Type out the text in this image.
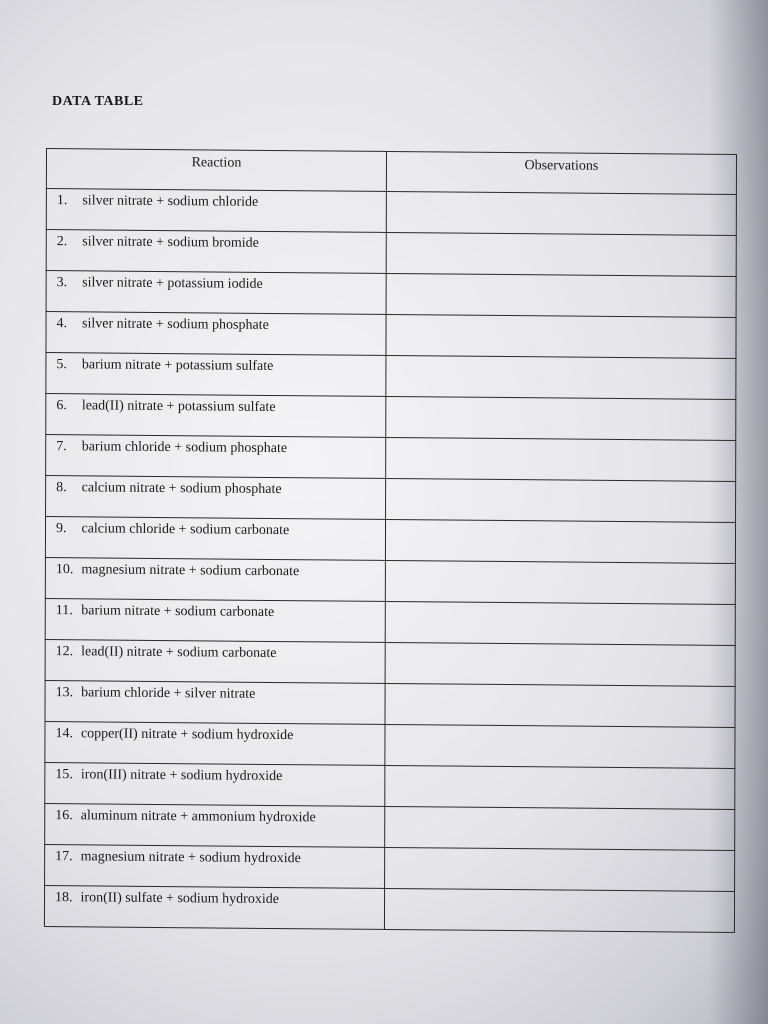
DATA TABLE
Reaction	Observations
1. silver nitrate + sodium chloride	
2. silver nitrate + sodium bromide	
3. silver nitrate + potassium iodide	
4. silver nitrate + sodium phosphate	
5. barium nitrate + potassium sulfate	
6. lead(II) nitrate + potassium sulfate	
7. barium chloride + sodium phosphate	
8. calcium nitrate + sodium phosphate	
9. calcium chloride + sodium carbonate	
10. magnesium nitrate + sodium carbonate	
11. barium nitrate + sodium carbonate	
12. lead(II) nitrate + sodium carbonate	
13. barium chloride + silver nitrate	
14. copper(II) nitrate + sodium hydroxide	
15. iron(III) nitrate + sodium hydroxide	
16. aluminum nitrate + ammonium hydroxide	
17. magnesium nitrate + sodium hydroxide	
18. iron(II) sulfate + sodium hydroxide	
